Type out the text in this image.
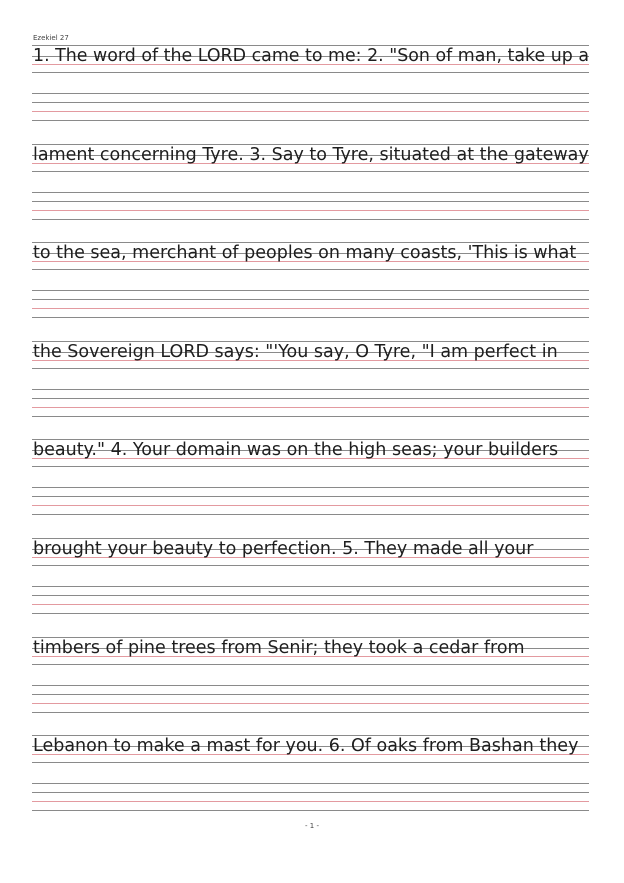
Ezekiel 27
1. The word of the LORD came to me: 2. "Son of man, take up a
lament concerning Tyre. 3. Say to Tyre, situated at the gateway
to the sea, merchant of peoples on many coasts, 'This is what
the Sovereign LORD says: "'You say, O Tyre, "I am perfect in
beauty." 4. Your domain was on the high seas; your builders
brought your beauty to perfection. 5. They made all your
timbers of pine trees from Senir; they took a cedar from
Lebanon to make a mast for you. 6. Of oaks from Bashan they
- 1 -
